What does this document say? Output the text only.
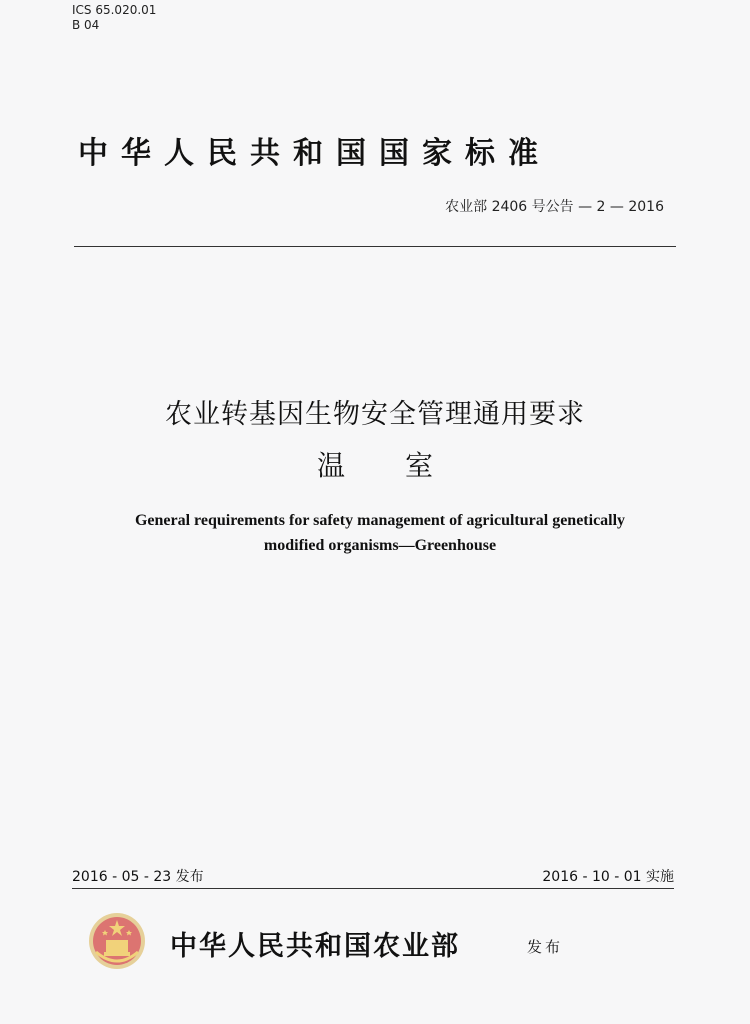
ICS 65.020.01
B 04
中华人民共和国国家标准
农业部 2406 号公告 — 2 — 2016
农业转基因生物安全管理通用要求
温室
General requirements for safety management of agricultural genetically
modified organisms—Greenhouse
2016 - 05 - 23 发布	2016 - 10 - 01 实施
中华人民共和国农业部	发布
